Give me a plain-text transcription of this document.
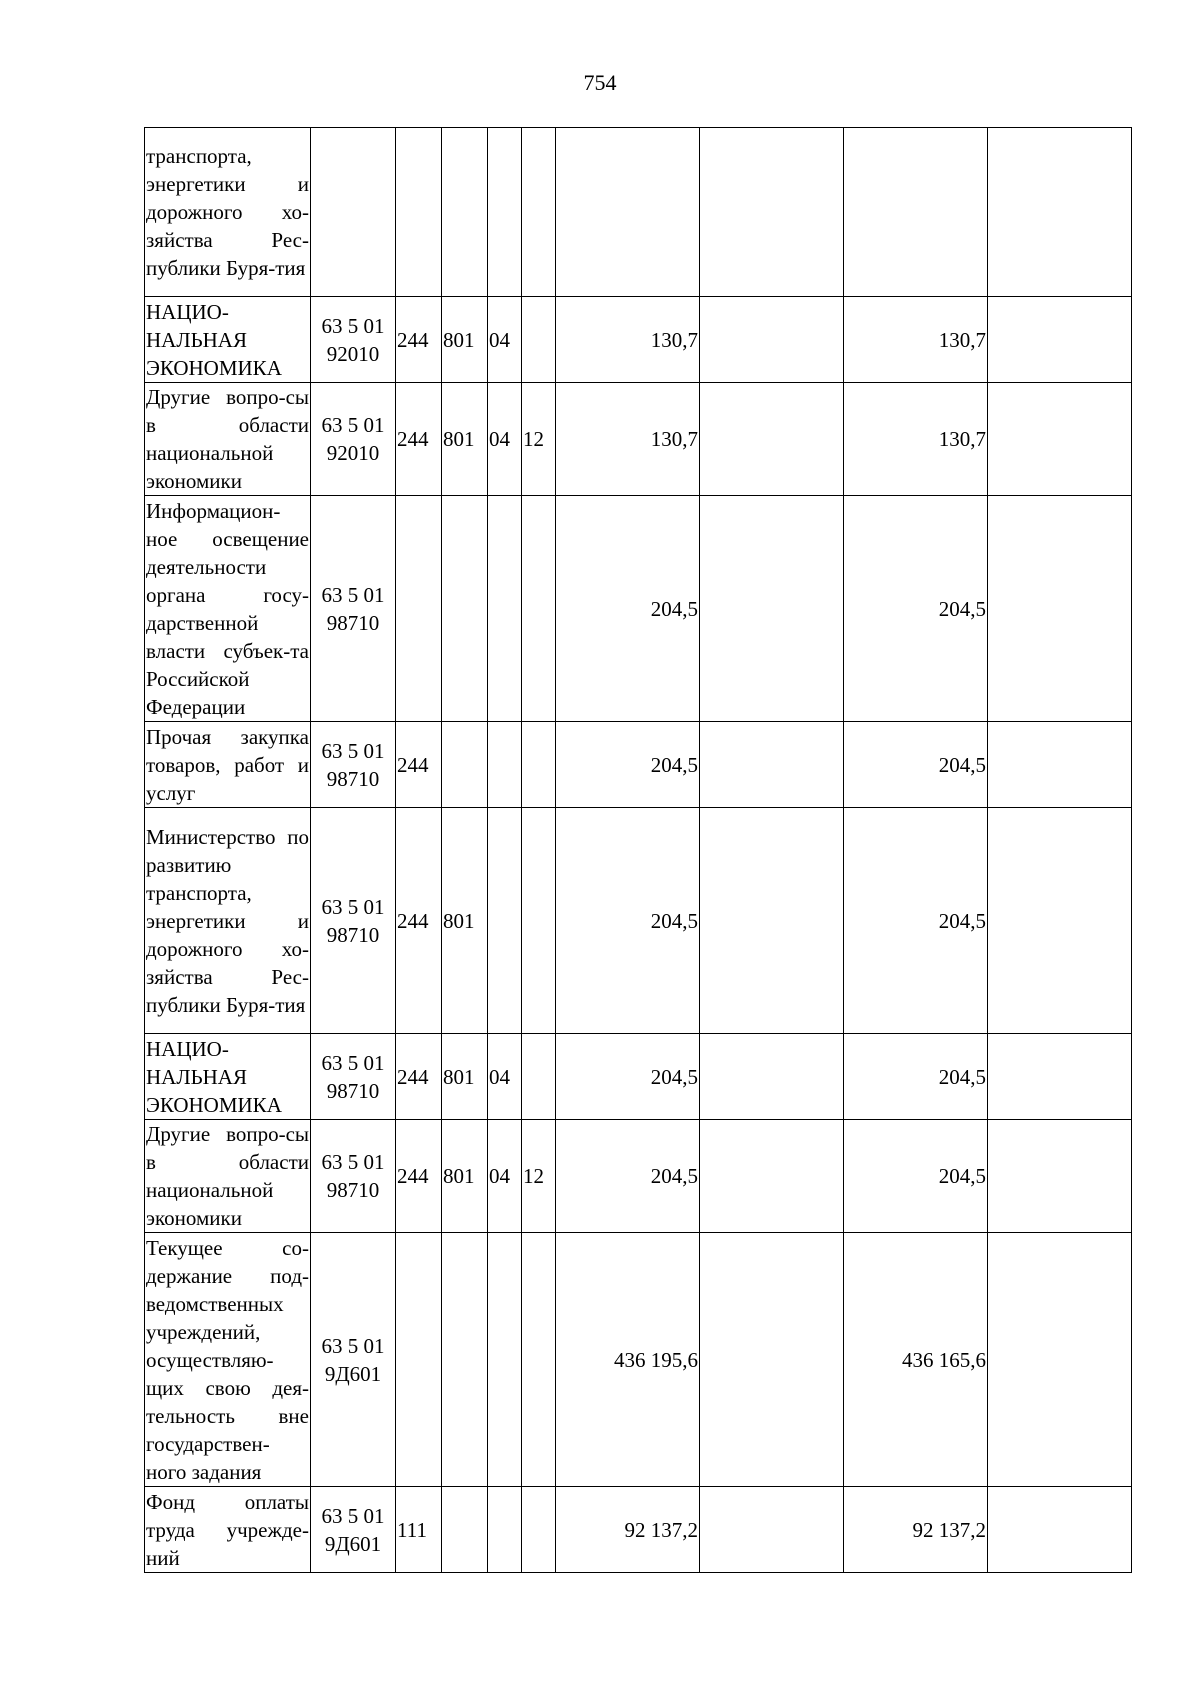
754
транспорта, энергетики и дорожного хо-зяйства Рес-публики Буря-тия									
НАЦИО-НАЛЬНАЯ ЭКОНОМИКА	63 5 01 92010	244	801	04		130,7		130,7	
Другие вопро-сы в области национальной экономики	63 5 01 92010	244	801	04	12	130,7		130,7	
Информацион-ное освещение деятельности органа госу-дарственной власти субъек-та Российской Федерации	63 5 01 98710					204,5		204,5	
Прочая закупка товаров, работ и услуг	63 5 01 98710	244				204,5		204,5	
Министерство по развитию транспорта, энергетики и дорожного хо-зяйства Рес-публики Буря-тия	63 5 01 98710	244	801			204,5		204,5	
НАЦИО-НАЛЬНАЯ ЭКОНОМИКА	63 5 01 98710	244	801	04		204,5		204,5	
Другие вопро-сы в области национальной экономики	63 5 01 98710	244	801	04	12	204,5		204,5	
Текущее со-держание под-ведомственных учреждений, осуществляю-щих свою дея-тельность вне государствен-ного задания	63 5 01 9Д601					436 195,6		436 165,6	
Фонд оплаты труда учрежде-ний	63 5 01 9Д601	111				92 137,2		92 137,2	
